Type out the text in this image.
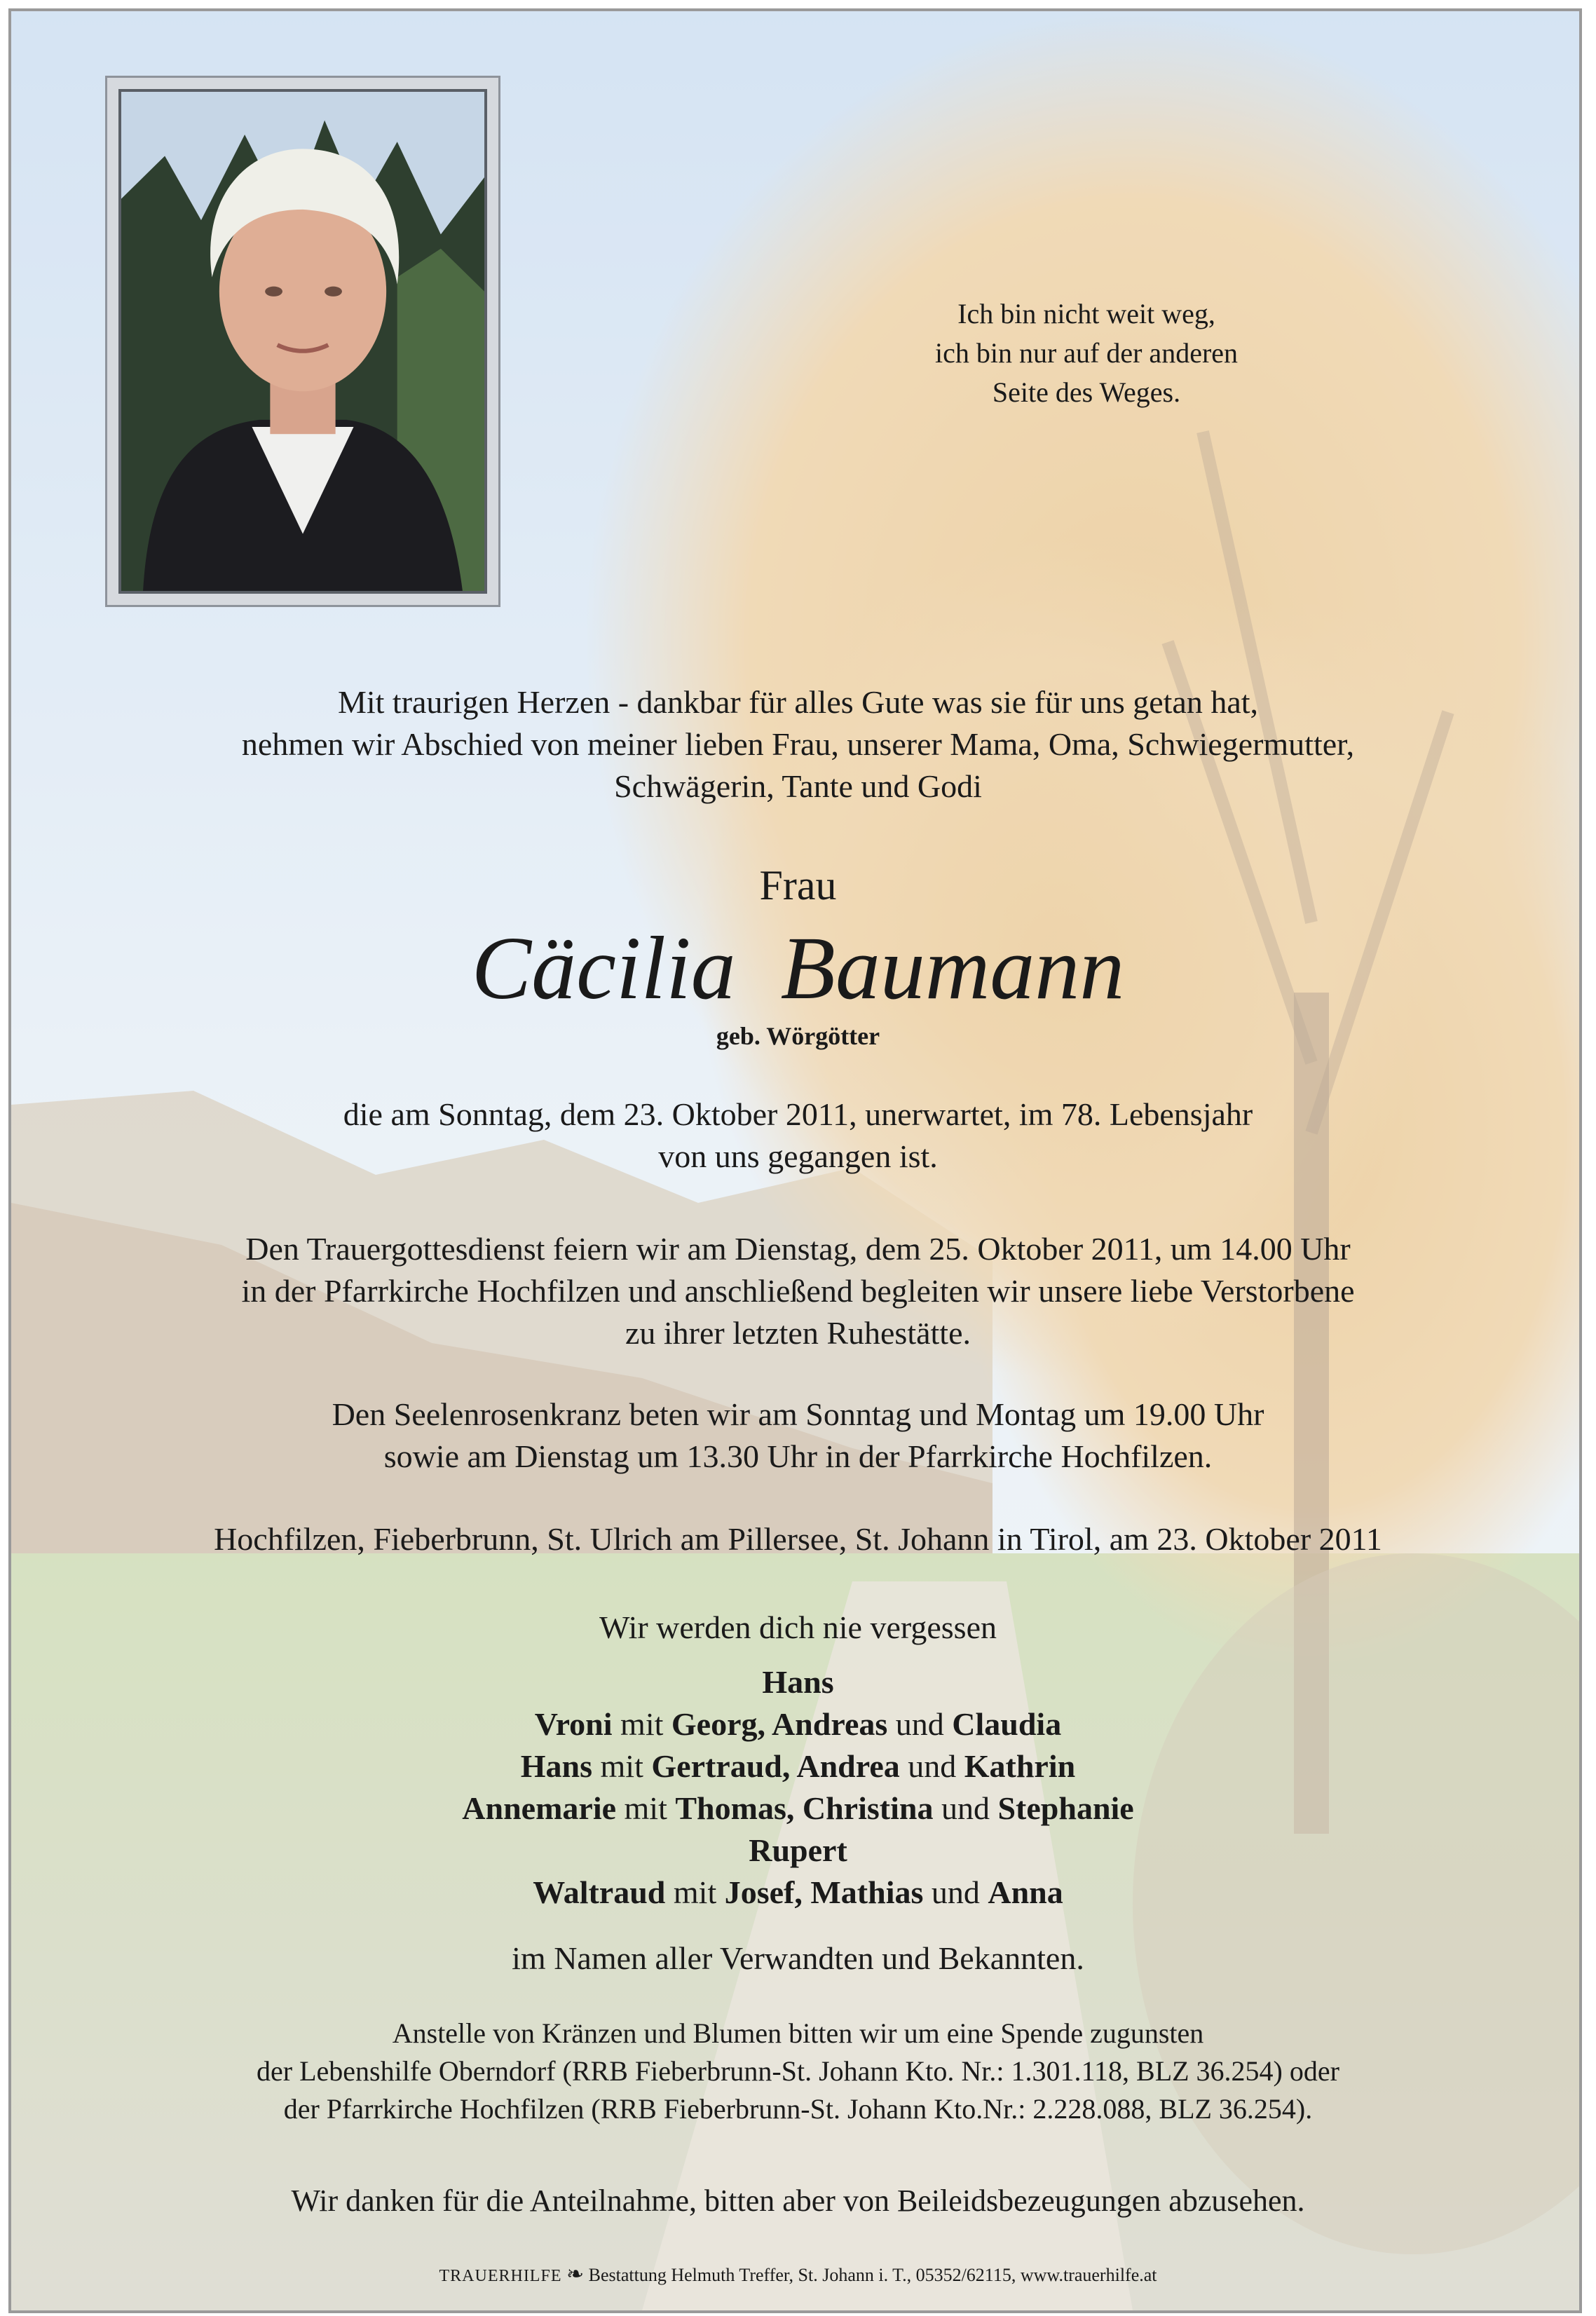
Ich bin nicht weit weg,
ich bin nur auf der anderen
Seite des Weges.
Mit traurigen Herzen - dankbar für alles Gute was sie für uns getan hat,
nehmen wir Abschied von meiner lieben Frau, unserer Mama, Oma, Schwiegermutter,
Schwägerin, Tante und Godi
Frau
Cäcilia  Baumann
geb. Wörgötter
die am Sonntag, dem 23. Oktober 2011, unerwartet, im 78. Lebensjahr
von uns gegangen ist.
Den Trauergottesdienst feiern wir am Dienstag, dem 25. Oktober 2011, um 14.00 Uhr
in der Pfarrkirche Hochfilzen und anschließend begleiten wir unsere liebe Verstorbene
zu ihrer letzten Ruhestätte.
Den Seelenrosenkranz beten wir am Sonntag und Montag um 19.00 Uhr
sowie am Dienstag um 13.30 Uhr in der Pfarrkirche Hochfilzen.
Hochfilzen, Fieberbrunn, St. Ulrich am Pillersee, St. Johann in Tirol, am 23. Oktober 2011
Wir werden dich nie vergessen
Hans
Vroni mit Georg, Andreas und Claudia
Hans mit Gertraud, Andrea und Kathrin
Annemarie mit Thomas, Christina und Stephanie
Rupert
Waltraud mit Josef, Mathias und Anna
im Namen aller Verwandten und Bekannten.
Anstelle von Kränzen und Blumen bitten wir um eine Spende zugunsten
der Lebenshilfe Oberndorf (RRB Fieberbrunn-St. Johann Kto. Nr.: 1.301.118, BLZ 36.254) oder
der Pfarrkirche Hochfilzen (RRB Fieberbrunn-St. Johann Kto.Nr.: 2.228.088, BLZ 36.254).
Wir danken für die Anteilnahme, bitten aber von Beileidsbezeugungen abzusehen.
TRAUERHILFE ❧ Bestattung Helmuth Treffer, St. Johann i. T., 05352/62115, www.trauerhilfe.at
